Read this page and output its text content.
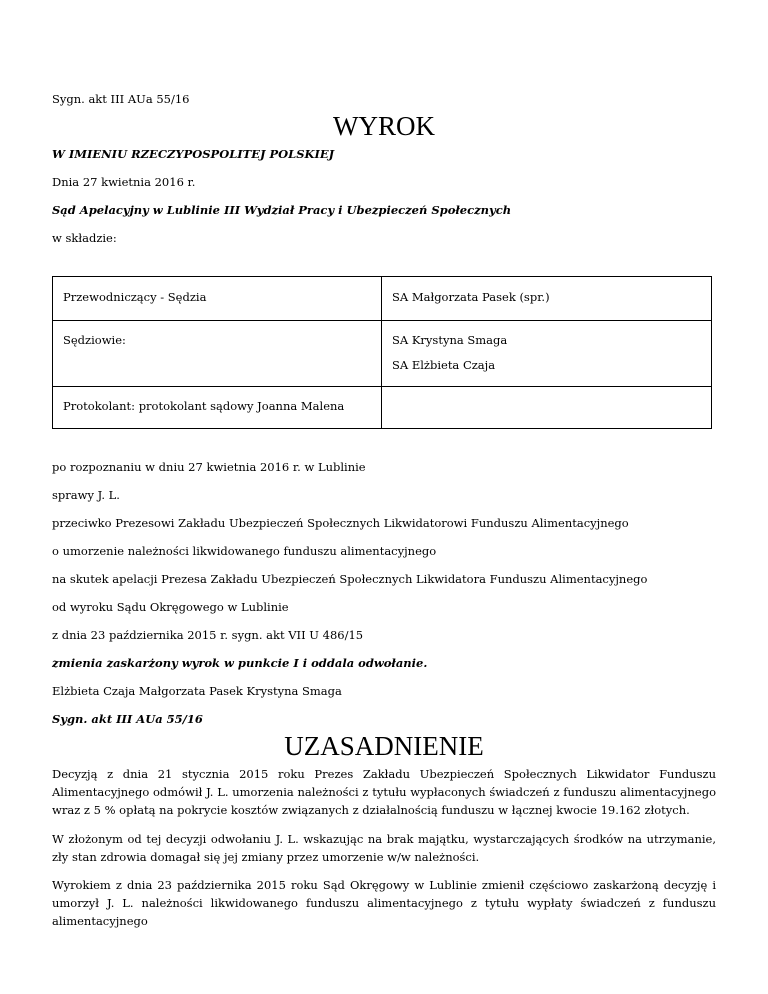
Sygn. akt III AUa 55/16
WYROK
W IMIENIU RZECZYPOSPOLITEJ POLSKIEJ
Dnia 27 kwietnia 2016 r.
Sąd Apelacyjny w Lublinie III Wydział Pracy i Ubezpieczeń Społecznych
w składzie:
Przewodniczący - Sędzia	SA Małgorzata Pasek (spr.)

Sędziowie:	SA Krystyna Smaga
SA Elżbieta Czaja

Protokolant: protokolant sądowy Joanna Malena	

po rozpoznaniu w dniu 27 kwietnia 2016 r. w Lublinie
sprawy J. L.
przeciwko Prezesowi Zakładu Ubezpieczeń Społecznych Likwidatorowi Funduszu Alimentacyjnego
o umorzenie należności likwidowanego funduszu alimentacyjnego
na skutek apelacji Prezesa Zakładu Ubezpieczeń Społecznych Likwidatora Funduszu Alimentacyjnego
od wyroku Sądu Okręgowego w Lublinie
z dnia 23 października 2015 r. sygn. akt VII U 486/15
zmienia zaskarżony wyrok w punkcie I i oddala odwołanie.
Elżbieta Czaja Małgorzata Pasek Krystyna Smaga
Sygn. akt III AUa 55/16
UZASADNIENIE
Decyzją z dnia 21 stycznia 2015 roku Prezes Zakładu Ubezpieczeń Społecznych Likwidator Funduszu Alimentacyjnego odmówił J. L. umorzenia należności z tytułu wypłaconych świadczeń z funduszu alimentacyjnego wraz z 5 % opłatą na pokrycie kosztów związanych z działalnością funduszu w łącznej kwocie 19.162 złotych.
W złożonym od tej decyzji odwołaniu J. L. wskazując na brak majątku, wystarczających środków na utrzymanie, zły stan zdrowia domagał się jej zmiany przez umorzenie w/w należności.
Wyrokiem z dnia 23 października 2015 roku Sąd Okręgowy w Lublinie zmienił częściowo zaskarżoną decyzję i umorzył J. L. należności likwidowanego funduszu alimentacyjnego z tytułu wypłaty świadczeń z funduszu alimentacyjnego
